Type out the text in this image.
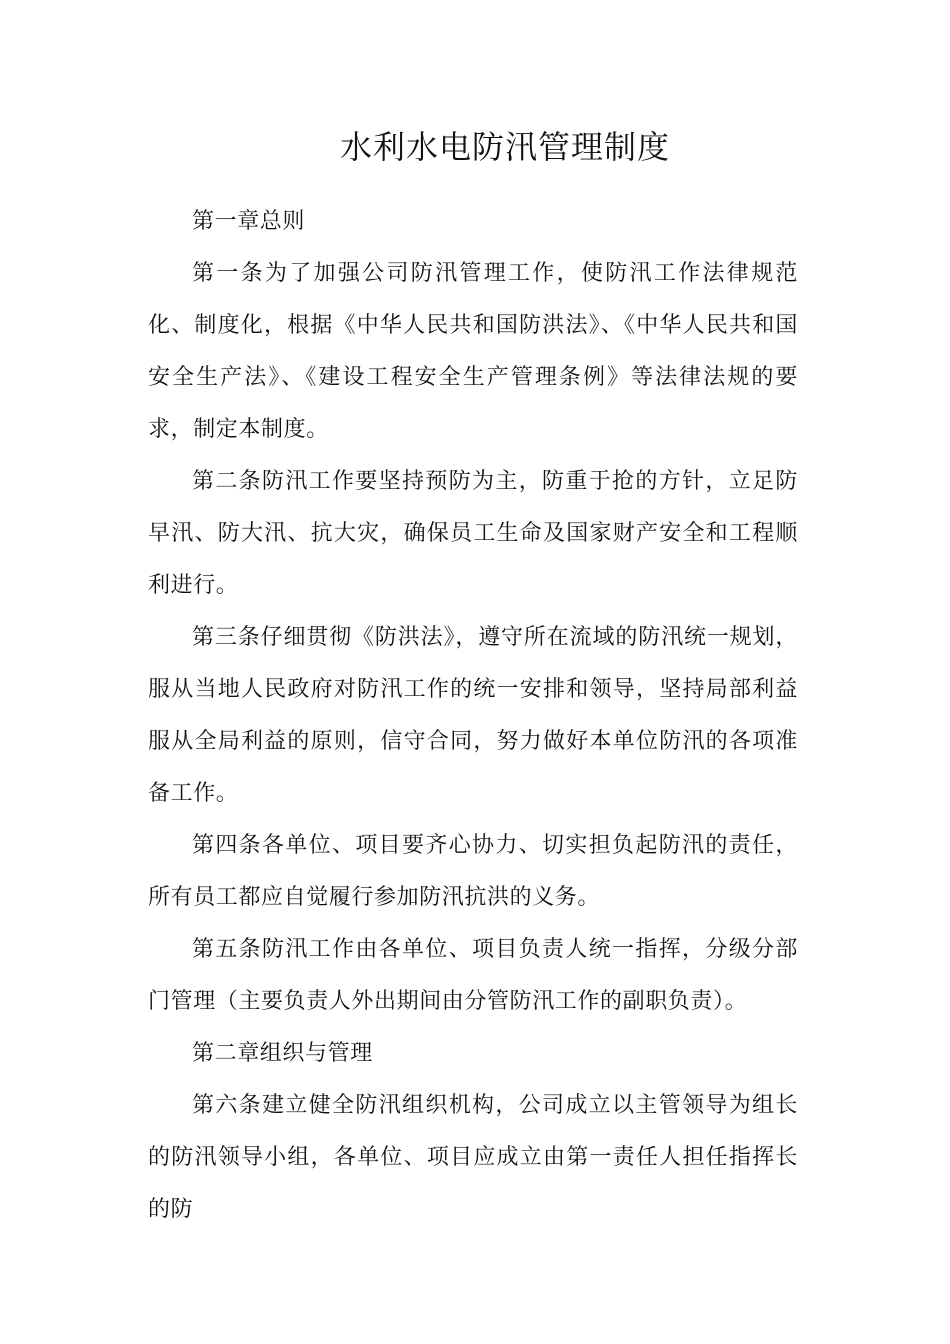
水利水电防汛管理制度

第一章总则

第一条为了加强公司防汛管理工作，使防汛工作法律规范化、制度化，根据《中华人民共和国防洪法》、《中华人民共和国安全生产法》、《建设工程安全生产管理条例》等法律法规的要求，制定本制度。

第二条防汛工作要坚持预防为主，防重于抢的方针，立足防早汛、防大汛、抗大灾，确保员工生命及国家财产安全和工程顺利进行。

第三条仔细贯彻《防洪法》，遵守所在流域的防汛统一规划，服从当地人民政府对防汛工作的统一安排和领导，坚持局部利益服从全局利益的原则，信守合同，努力做好本单位防汛的各项准备工作。

第四条各单位、项目要齐心协力、切实担负起防汛的责任，所有员工都应自觉履行参加防汛抗洪的义务。

第五条防汛工作由各单位、项目负责人统一指挥，分级分部门管理（主要负责人外出期间由分管防汛工作的副职负责）。

第二章组织与管理

第六条建立健全防汛组织机构，公司成立以主管领导为组长的防汛领导小组，各单位、项目应成立由第一责任人担任指挥长的防
